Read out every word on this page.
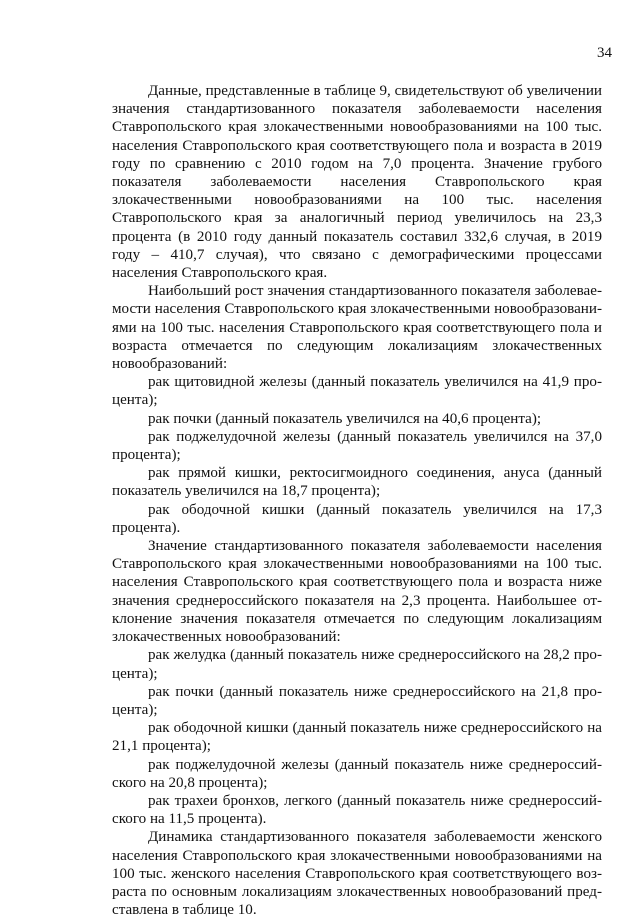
34

Данные, представленные в таблице 9, свидетельствуют об увеличении значения стандартизованного показателя заболеваемости населения Ставропольского края злокачественными новообразованиями на 100 тыс. населения Ставропольского края соответствующего пола и возраста в 2019 году по сравнению с 2010 годом на 7,0 процента. Значение грубого показателя заболеваемости населения Ставропольского края злокачественными новообразованиями на 100 тыс. населения Ставропольского края за аналогичный период увеличилось на 23,3 процента (в 2010 году данный показатель составил 332,6 случая, в 2019 году – 410,7 случая), что связано с демографическими процессами населения Ставропольского края.

Наибольший рост значения стандартизованного показателя заболеваемости населения Ставропольского края злокачественными новообразованиями на 100 тыс. населения Ставропольского края соответствующего пола и возраста отмечается по следующим локализациям злокачественных новообразований:

рак щитовидной железы (данный показатель увеличился на 41,9 процента);

рак почки (данный показатель увеличился на 40,6 процента);

рак поджелудочной железы (данный показатель увеличился на 37,0 процента);

рак прямой кишки, ректосигмоидного соединения, ануса (данный показатель увеличился на 18,7 процента);

рак ободочной кишки (данный показатель увеличился на 17,3 процента).

Значение стандартизованного показателя заболеваемости населения Ставропольского края злокачественными новообразованиями на 100 тыс. населения Ставропольского края соответствующего пола и возраста ниже значения среднероссийского показателя на 2,3 процента. Наибольшее отклонение значения показателя отмечается по следующим локализациям злокачественных новообразований:

рак желудка (данный показатель ниже среднероссийского на 28,2 процента);

рак почки (данный показатель ниже среднероссийского на 21,8 процента);

рак ободочной кишки (данный показатель ниже среднероссийского на 21,1 процента);

рак поджелудочной железы (данный показатель ниже среднероссийского на 20,8 процента);

рак трахеи бронхов, легкого (данный показатель ниже среднероссийского на 11,5 процента).

Динамика стандартизованного показателя заболеваемости женского населения Ставропольского края злокачественными новообразованиями на 100 тыс. женского населения Ставропольского края соответствующего возраста по основным локализациям злокачественных новообразований представлена в таблице 10.
